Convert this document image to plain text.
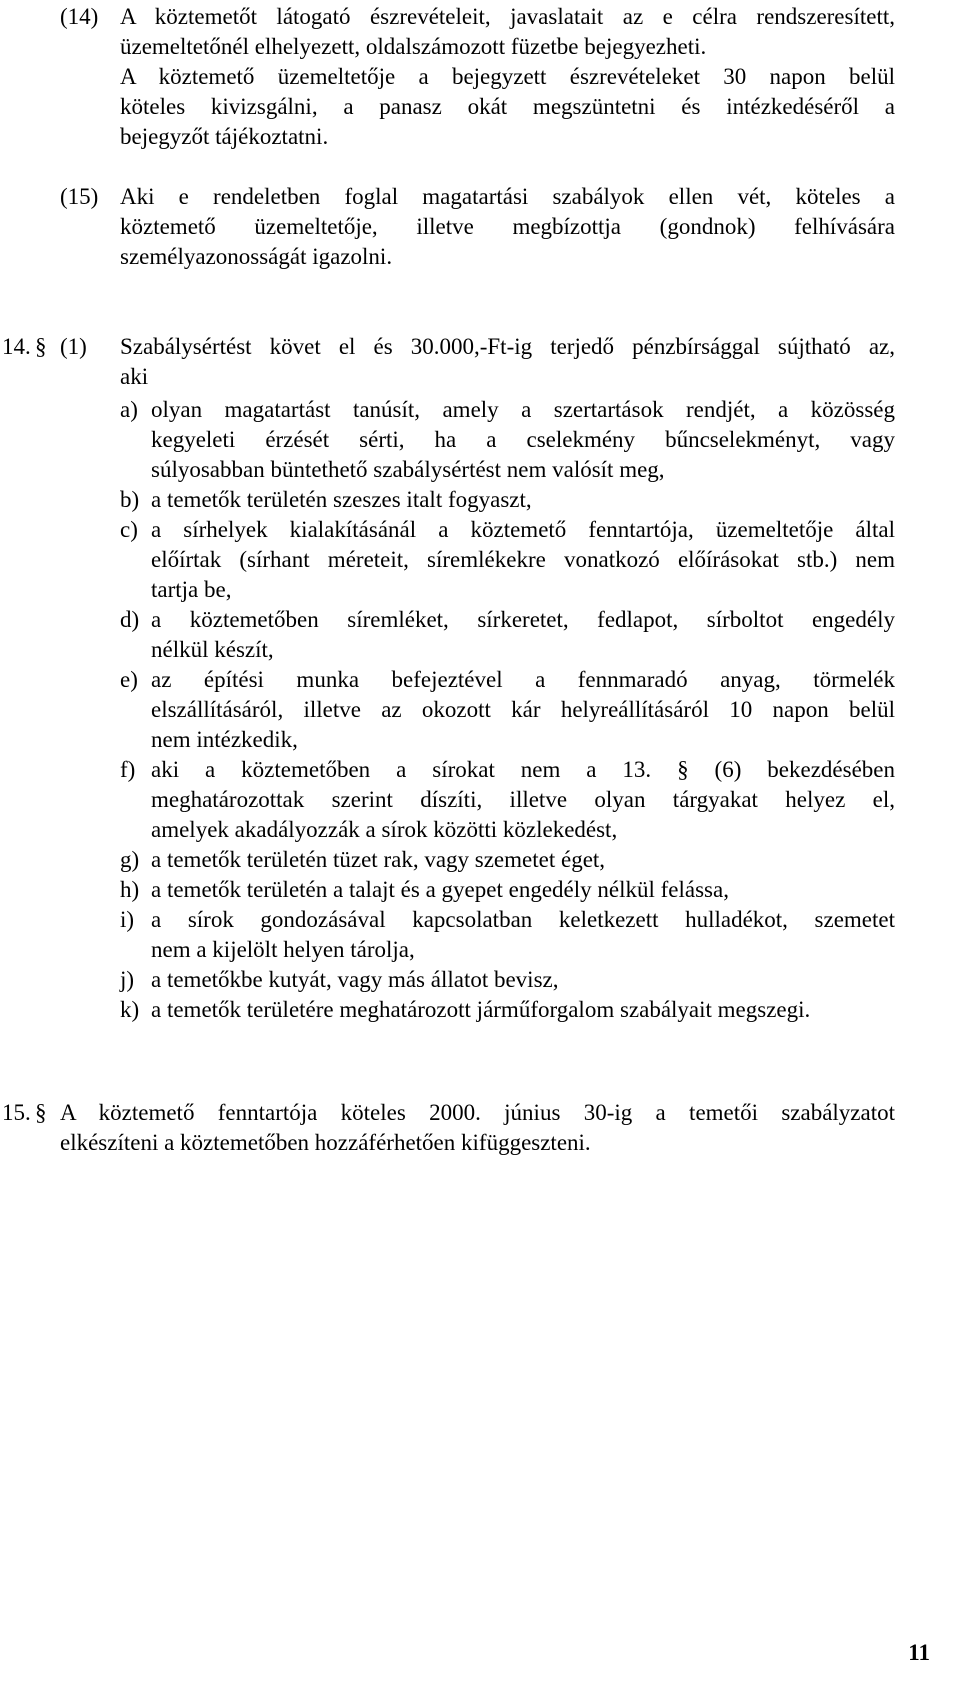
(14) A köztemetőt látogató észrevételeit, javaslatait az e célra rendszeresített,
üzemeltetőnél elhelyezett, oldalszámozott füzetbe bejegyezheti.
A köztemető üzemeltetője a bejegyzett észrevételeket 30 napon belül
köteles kivizsgálni, a panasz okát megszüntetni és intézkedéséről a
bejegyzőt tájékoztatni.
(15) Aki e rendeletben foglal magatartási szabályok ellen vét, köteles a
köztemető üzemeltetője, illetve megbízottja (gondnok) felhívására
személyazonosságát igazolni.
14. § (1) Szabálysértést követ el és 30.000,-Ft-ig terjedő pénzbírsággal sújtható az,
aki
a) olyan magatartást tanúsít, amely a szertartások rendjét, a közösség
kegyeleti érzését sérti, ha a cselekmény bűncselekményt, vagy
súlyosabban büntethető szabálysértést nem valósít meg,
b) a temetők területén szeszes italt fogyaszt,
c) a sírhelyek kialakításánál a köztemető fenntartója, üzemeltetője által
előírtak (sírhant méreteit, síremlékekre vonatkozó előírásokat stb.) nem
tartja be,
d) a köztemetőben síremléket, sírkeretet, fedlapot, sírboltot engedély
nélkül készít,
e) az építési munka befejeztével a fennmaradó anyag, törmelék
elszállításáról, illetve az okozott kár helyreállításáról 10 napon belül
nem intézkedik,
f) aki a köztemetőben a sírokat nem a 13. § (6) bekezdésében
meghatározottak szerint díszíti, illetve olyan tárgyakat helyez el,
amelyek akadályozzák a sírok közötti közlekedést,
g) a temetők területén tüzet rak, vagy szemetet éget,
h) a temetők területén a talajt és a gyepet engedély nélkül felássa,
i) a sírok gondozásával kapcsolatban keletkezett hulladékot, szemetet
nem a kijelölt helyen tárolja,
j) a temetőkbe kutyát, vagy más állatot bevisz,
k) a temetők területére meghatározott járműforgalom szabályait megszegi.
15. § A köztemető fenntartója köteles 2000. június 30-ig a temetői szabályzatot
elkészíteni a köztemetőben hozzáférhetően kifüggeszteni.
11
